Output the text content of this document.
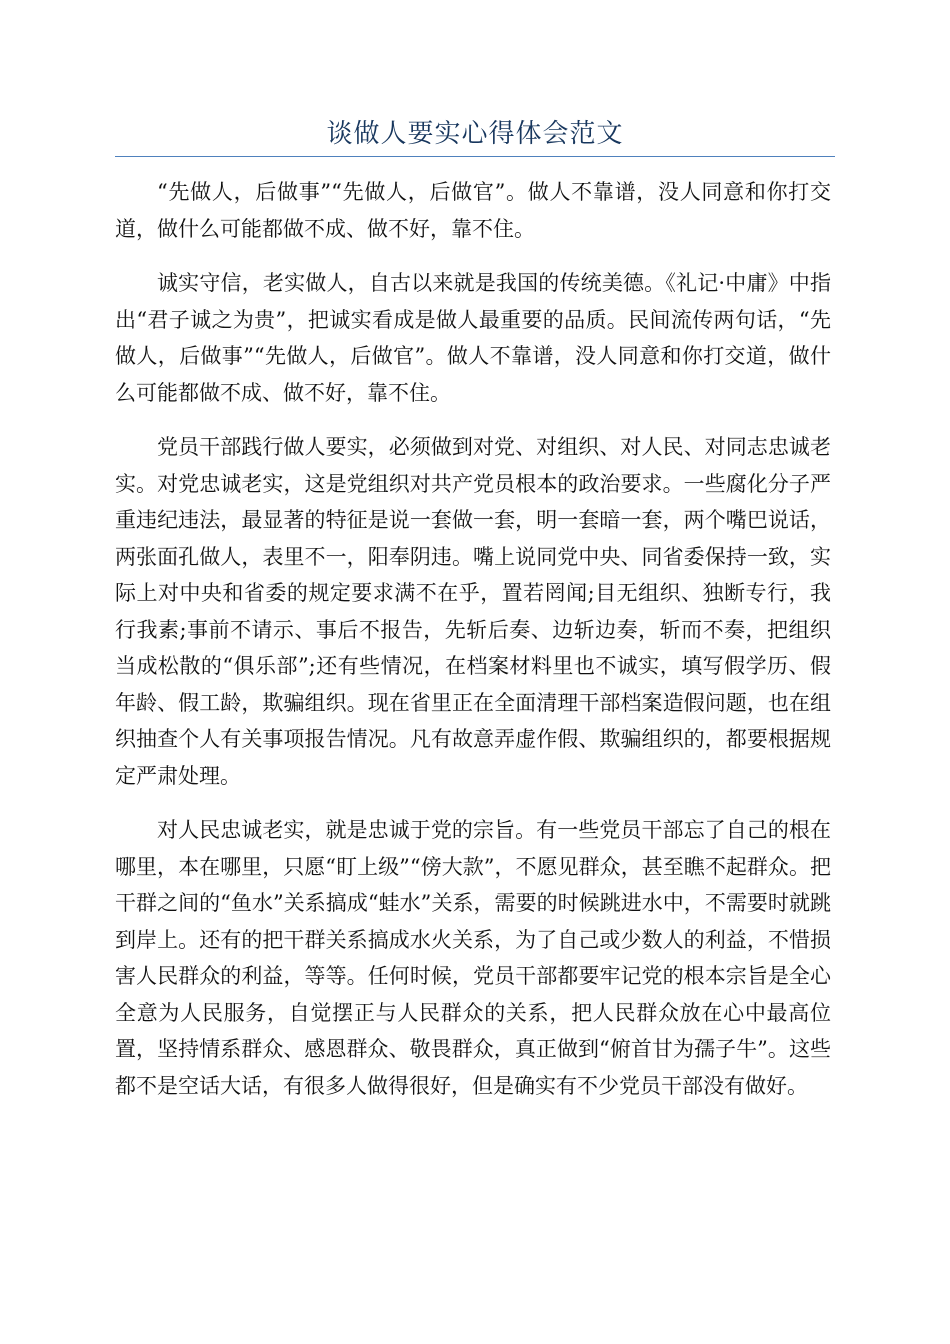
谈做人要实心得体会范文

“先做人，后做事”“先做人，后做官”。做人不靠谱，没人同意和你打交道，做什么可能都做不成、做不好，靠不住。

诚实守信，老实做人，自古以来就是我国的传统美德。《礼记·中庸》中指出“君子诚之为贵”，把诚实看成是做人最重要的品质。民间流传两句话，“先做人，后做事”“先做人，后做官”。做人不靠谱，没人同意和你打交道，做什么可能都做不成、做不好，靠不住。

党员干部践行做人要实，必须做到对党、对组织、对人民、对同志忠诚老实。对党忠诚老实，这是党组织对共产党员根本的政治要求。一些腐化分子严重违纪违法，最显著的特征是说一套做一套，明一套暗一套，两个嘴巴说话，两张面孔做人，表里不一，阳奉阴违。嘴上说同党中央、同省委保持一致，实际上对中央和省委的规定要求满不在乎，置若罔闻;目无组织、独断专行，我行我素;事前不请示、事后不报告，先斩后奏、边斩边奏，斩而不奏，把组织当成松散的“俱乐部”;还有些情况，在档案材料里也不诚实，填写假学历、假年龄、假工龄，欺骗组织。现在省里正在全面清理干部档案造假问题，也在组织抽查个人有关事项报告情况。凡有故意弄虚作假、欺骗组织的，都要根据规定严肃处理。

对人民忠诚老实，就是忠诚于党的宗旨。有一些党员干部忘了自己的根在哪里，本在哪里，只愿“盯上级”“傍大款”，不愿见群众，甚至瞧不起群众。把干群之间的“鱼水”关系搞成“蛙水”关系，需要的时候跳进水中，不需要时就跳到岸上。还有的把干群关系搞成水火关系，为了自己或少数人的利益，不惜损害人民群众的利益，等等。任何时候，党员干部都要牢记党的根本宗旨是全心全意为人民服务，自觉摆正与人民群众的关系，把人民群众放在心中最高位置，坚持情系群众、感恩群众、敬畏群众，真正做到“俯首甘为孺子牛”。这些都不是空话大话，有很多人做得很好，但是确实有不少党员干部没有做好。
